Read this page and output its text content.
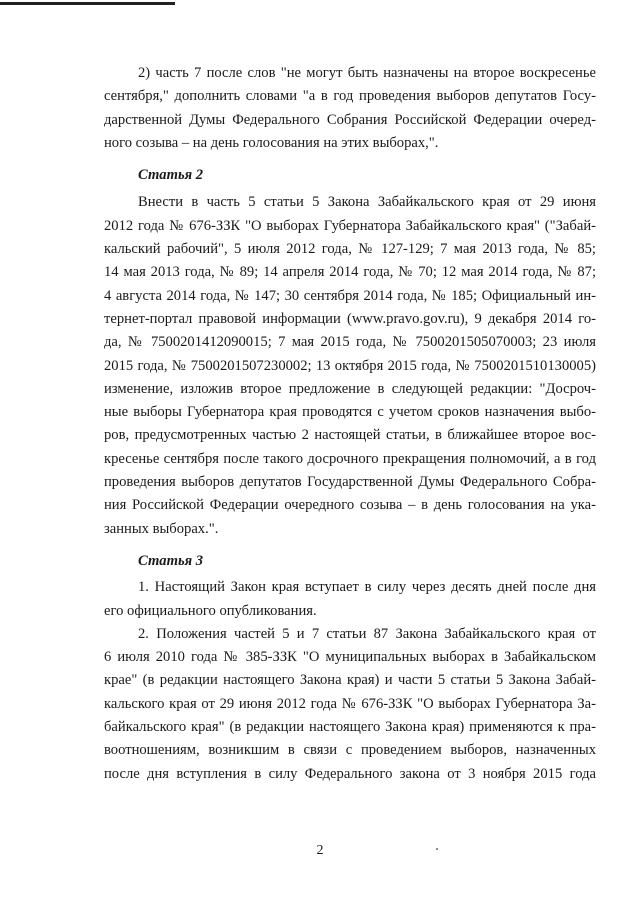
2) часть 7 после слов "не могут быть назначены на второе воскресенье
сентября," дополнить словами "а в год проведения выборов депутатов Госу-
дарственной Думы Федерального Собрания Российской Федерации очеред-
ного созыва – на день голосования на этих выборах,".
Статья 2
Внести в часть 5 статьи 5 Закона Забайкальского края от 29 июня
2012 года № 676-ЗЗК "О выборах Губернатора Забайкальского края" ("Забай-
кальский рабочий", 5 июля 2012 года, № 127-129; 7 мая 2013 года, № 85;
14 мая 2013 года, № 89; 14 апреля 2014 года, № 70; 12 мая 2014 года, № 87;
4 августа 2014 года, № 147; 30 сентября 2014 года, № 185; Официальный ин-
тернет-портал правовой информации (www.pravo.gov.ru), 9 декабря 2014 го-
да, № 7500201412090015; 7 мая 2015 года, № 7500201505070003; 23 июля
2015 года, № 7500201507230002; 13 октября 2015 года, № 7500201510130005)
изменение, изложив второе предложение в следующей редакции: "Досроч-
ные выборы Губернатора края проводятся с учетом сроков назначения выбо-
ров, предусмотренных частью 2 настоящей статьи, в ближайшее второе вос-
кресенье сентября после такого досрочного прекращения полномочий, а в год
проведения выборов депутатов Государственной Думы Федерального Собра-
ния Российской Федерации очередного созыва – в день голосования на ука-
занных выборах.".
Статья 3
1. Настоящий Закон края вступает в силу через десять дней после дня
его официального опубликования.
2. Положения частей 5 и 7 статьи 87 Закона Забайкальского края от
6 июля 2010 года № 385-ЗЗК "О муниципальных выборах в Забайкальском
крае" (в редакции настоящего Закона края) и части 5 статьи 5 Закона Забай-
кальского края от 29 июня 2012 года № 676-ЗЗК "О выборах Губернатора За-
байкальского края" (в редакции настоящего Закона края) применяются к пра-
воотношениям, возникшим в связи с проведением выборов, назначенных
после дня вступления в силу Федерального закона от 3 ноября 2015 года
2
